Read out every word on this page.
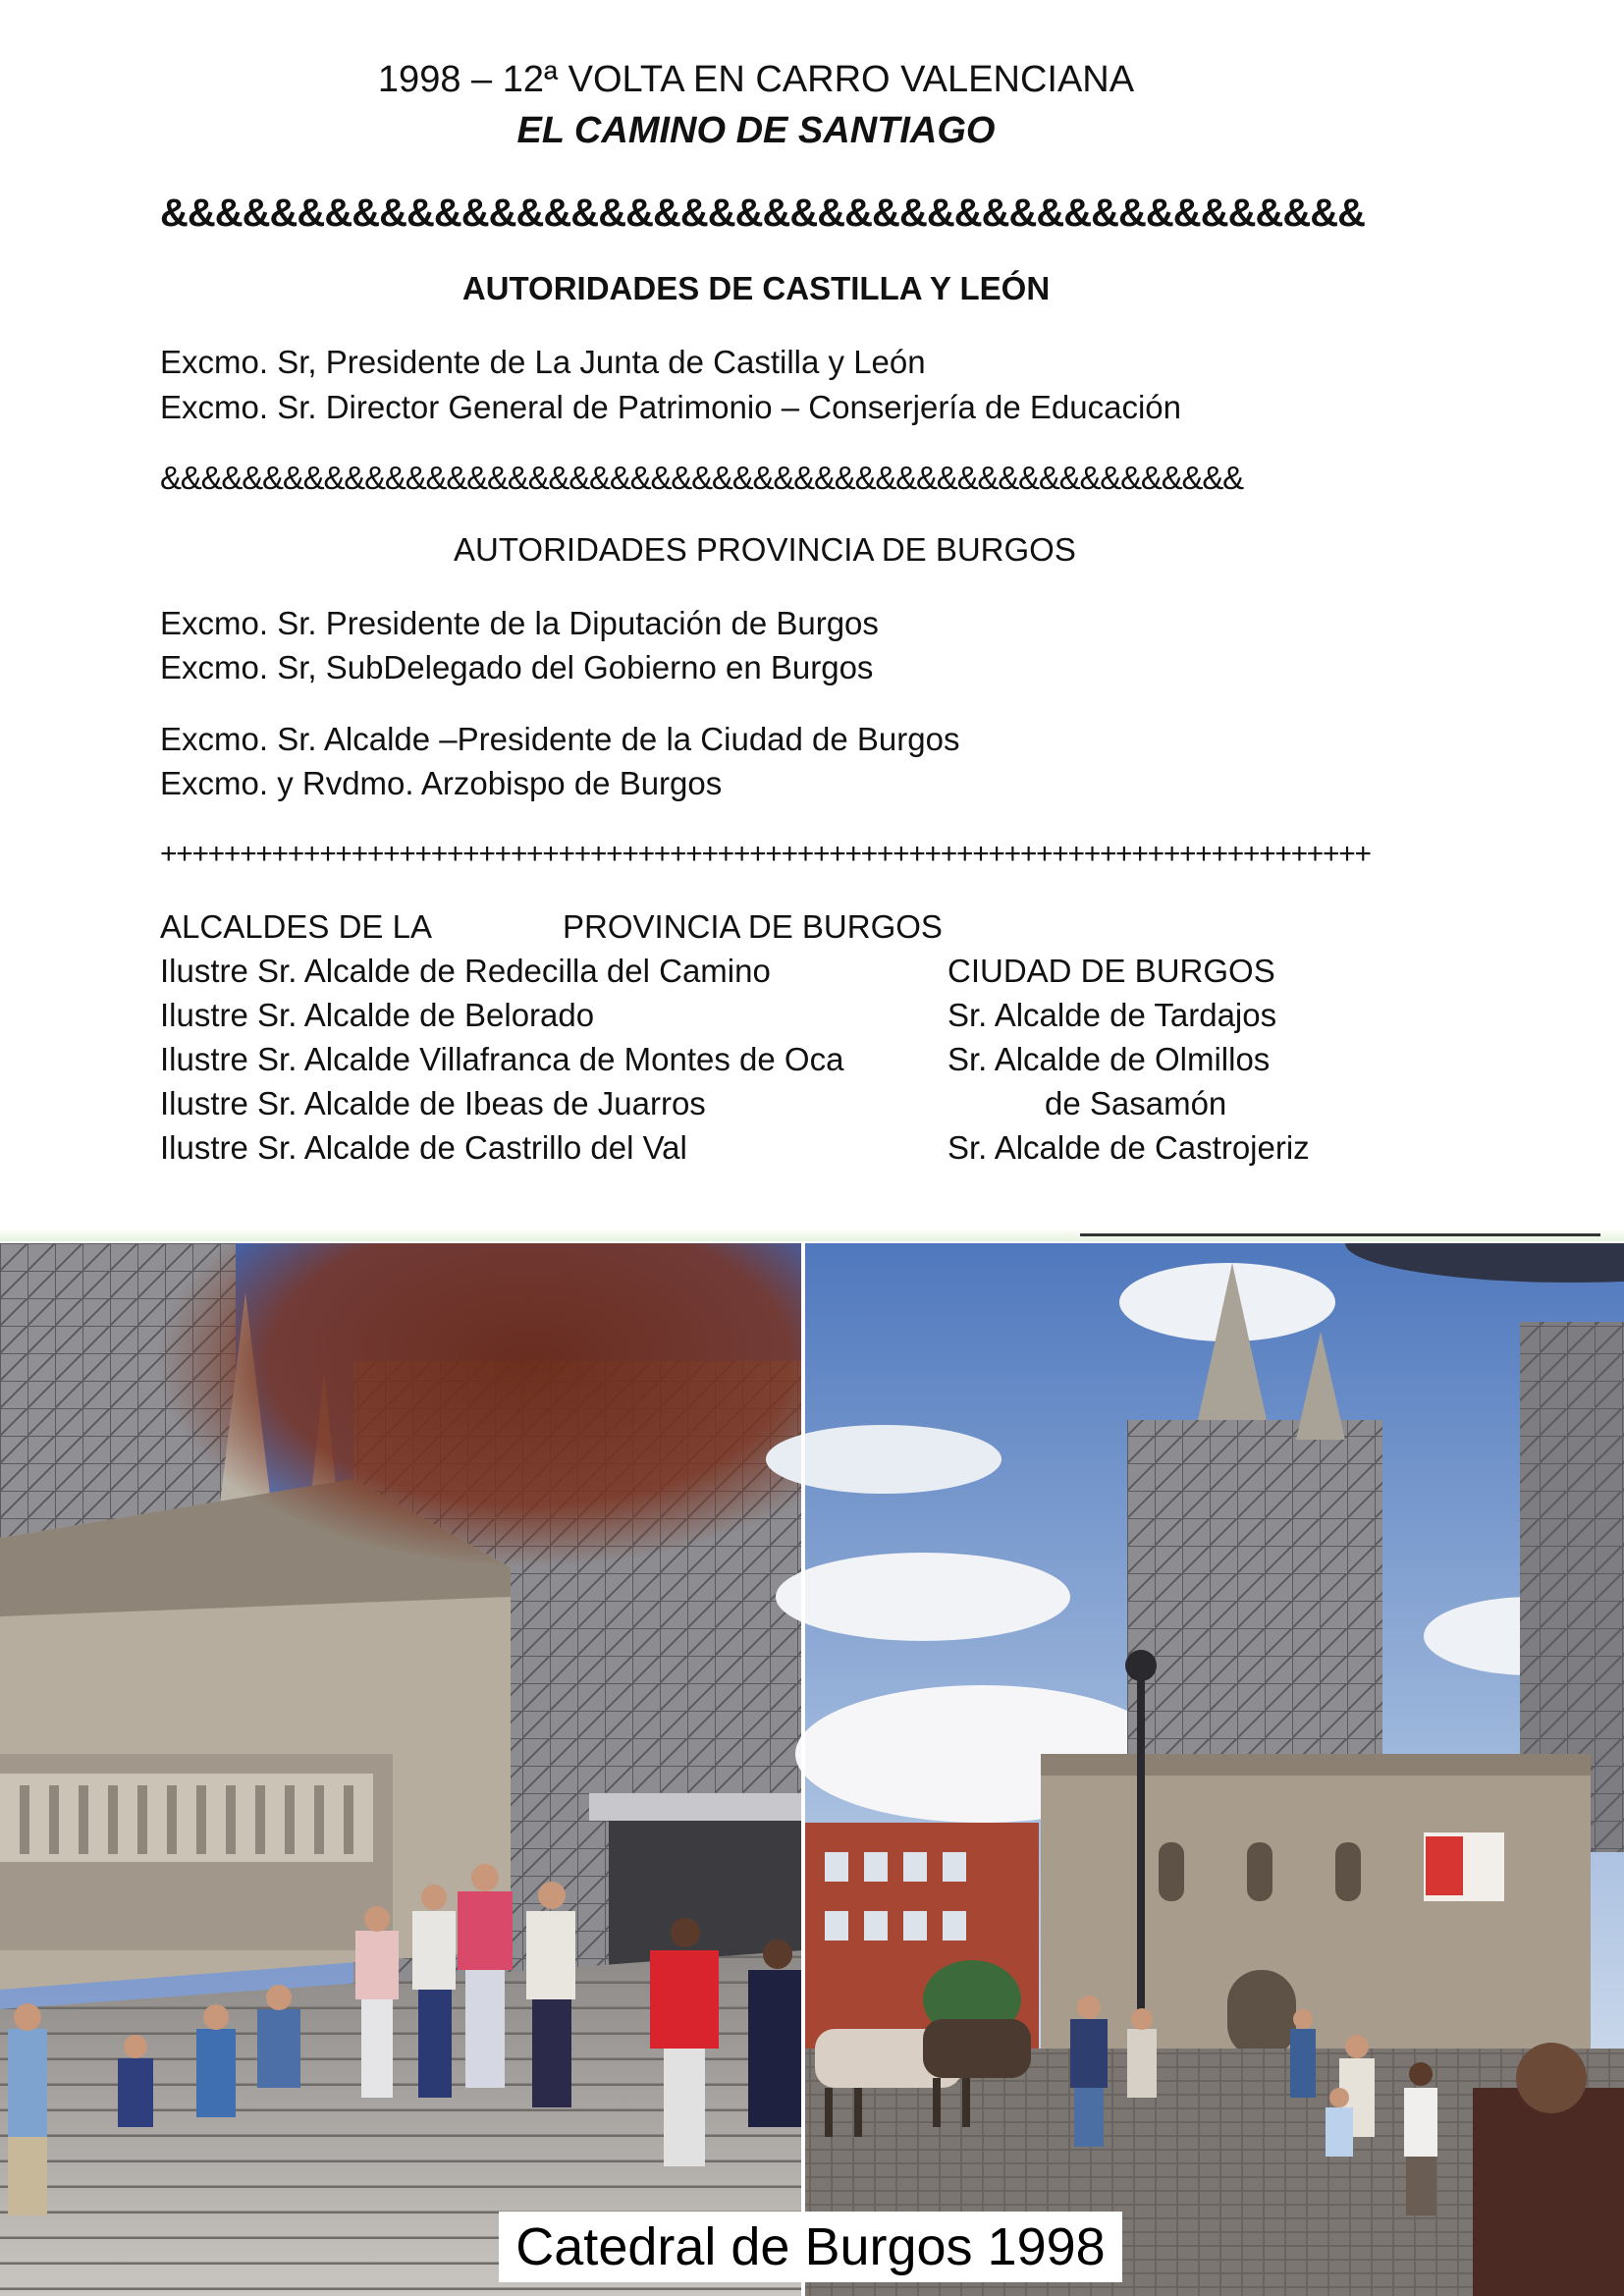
1998 – 12ª VOLTA EN CARRO VALENCIANA
EL CAMINO DE SANTIAGO
&&&&&&&&&&&&&&&&&&&&&&&&&&&&&&&&&&&&&&&&&&&&
AUTORIDADES DE CASTILLA Y LEÓN
Excmo. Sr, Presidente de La Junta de Castilla y León
Excmo. Sr. Director General de Patrimonio – Conserjería de Educación
&&&&&&&&&&&&&&&&&&&&&&&&&&&&&&&&&&&&&&&&&&&&&&&&&&&&&
AUTORIDADES PROVINCIA DE BURGOS
Excmo. Sr. Presidente de la Diputación de Burgos
Excmo. Sr, SubDelegado del Gobierno en Burgos
Excmo. Sr. Alcalde –Presidente de la Ciudad de Burgos
Excmo. y Rvdmo. Arzobispo de Burgos
++++++++++++++++++++++++++++++++++++++++++++++++++++++++++++++++++++++++++++
ALCALDES DE LA	PROVINCIA DE BURGOS
Ilustre Sr. Alcalde de Redecilla del Camino
Ilustre Sr. Alcalde de Belorado
Ilustre Sr. Alcalde Villafranca de Montes de Oca
Ilustre Sr. Alcalde de Ibeas de Juarros
Ilustre Sr. Alcalde de Castrillo del Val
CIUDAD DE BURGOS
Sr. Alcalde de Tardajos
Sr. Alcalde de Olmillos
de Sasamón
Sr. Alcalde de Castrojeriz
Catedral de Burgos 1998
